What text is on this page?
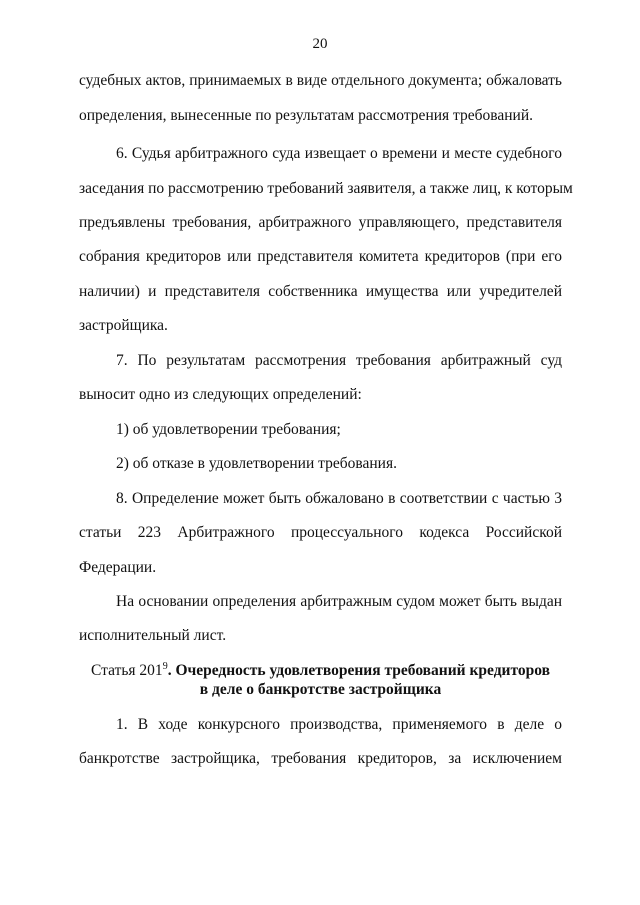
20
судебных актов, принимаемых в виде отдельного документа; обжаловать
определения, вынесенные по результатам рассмотрения требований.
6. Судья арбитражного суда извещает о времени и месте судебного
заседания по рассмотрению требований заявителя, а также лиц, к которым
предъявлены требования, арбитражного управляющего, представителя
собрания кредиторов или представителя комитета кредиторов (при его
наличии) и представителя собственника имущества или учредителей
застройщика.
7. По результатам рассмотрения требования арбитражный суд
выносит одно из следующих определений:
1) об удовлетворении требования;
2) об отказе в удовлетворении требования.
8. Определение может быть обжаловано в соответствии с частью 3
статьи 223 Арбитражного процессуального кодекса Российской
Федерации.
На основании определения арбитражным судом может быть выдан
исполнительный лист.
Статья $201^9$. Очередность удовлетворения требований кредиторов
в деле о банкротстве застройщика
1. В ходе конкурсного производства, применяемого в деле о
банкротстве застройщика, требования кредиторов, за исключением
